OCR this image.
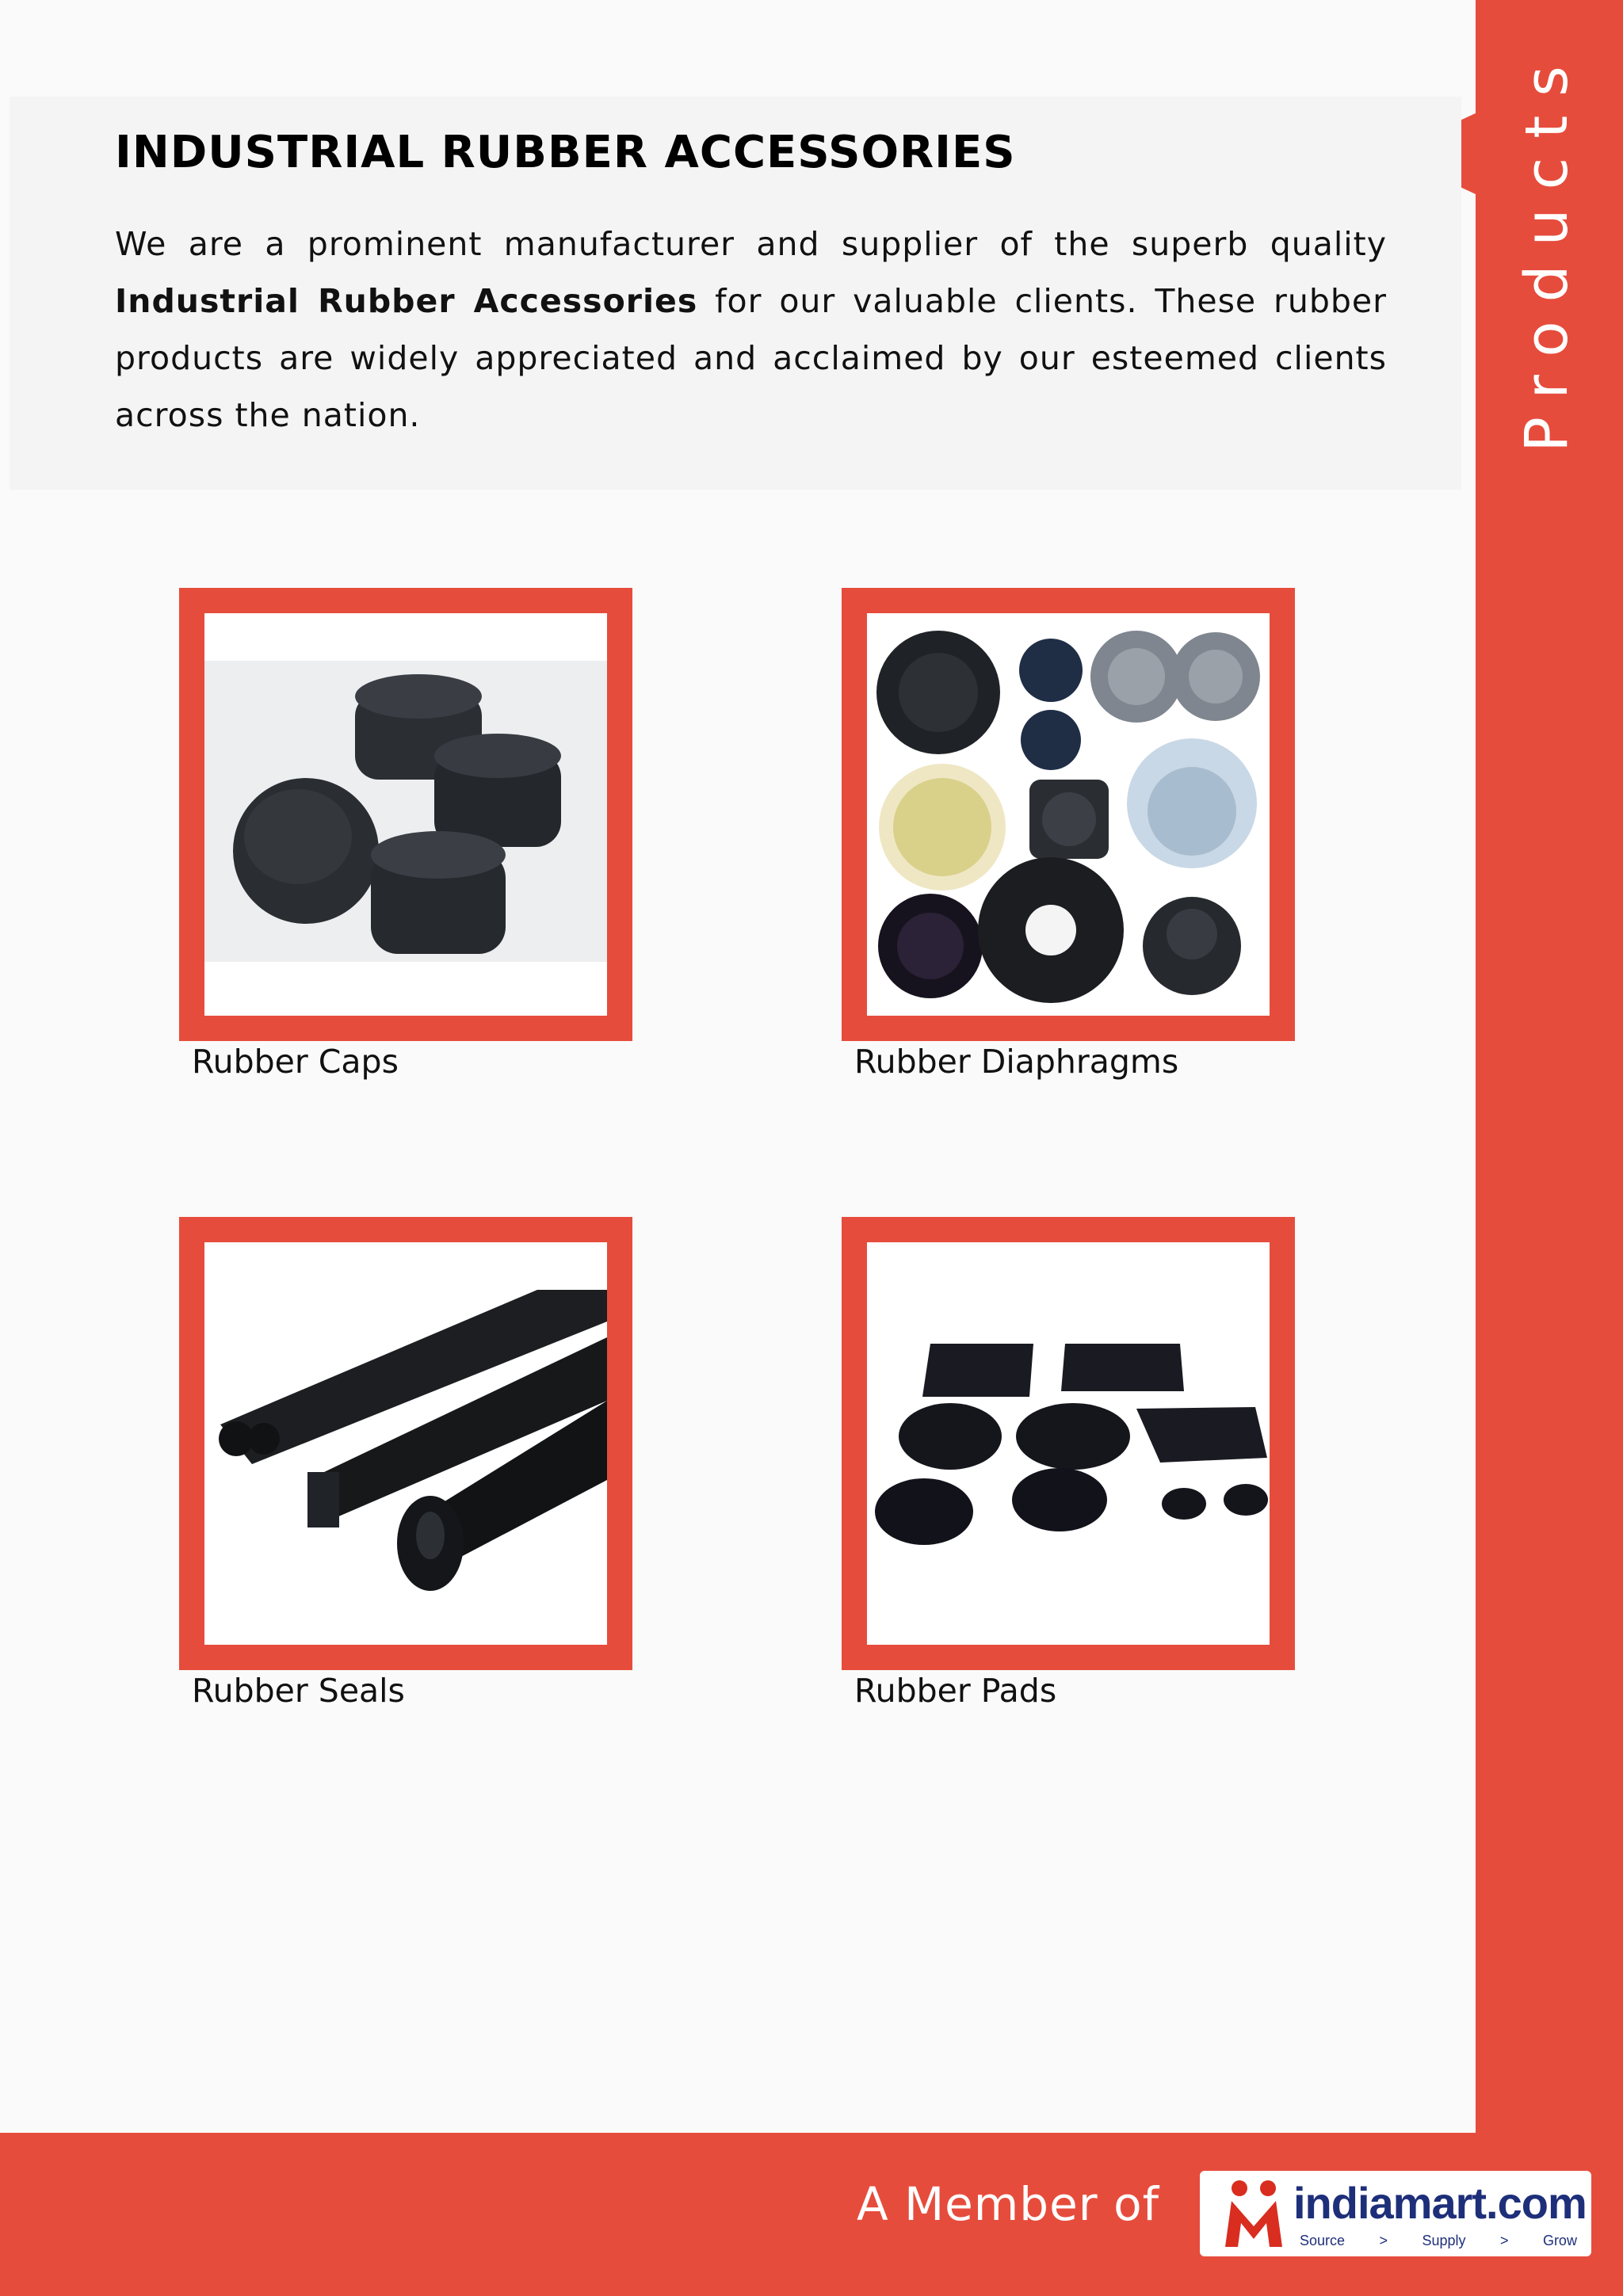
Products
INDUSTRIAL RUBBER ACCESSORIES

We are a prominent manufacturer and supplier of the superb quality Industrial Rubber Accessories for our valuable clients. These rubber products are widely appreciated and acclaimed by our esteemed clients across the nation.

Rubber Caps	Rubber Diaphragms
Rubber Seals	Rubber Pads
A Member of	indiamart.com
Source > Supply > Grow
